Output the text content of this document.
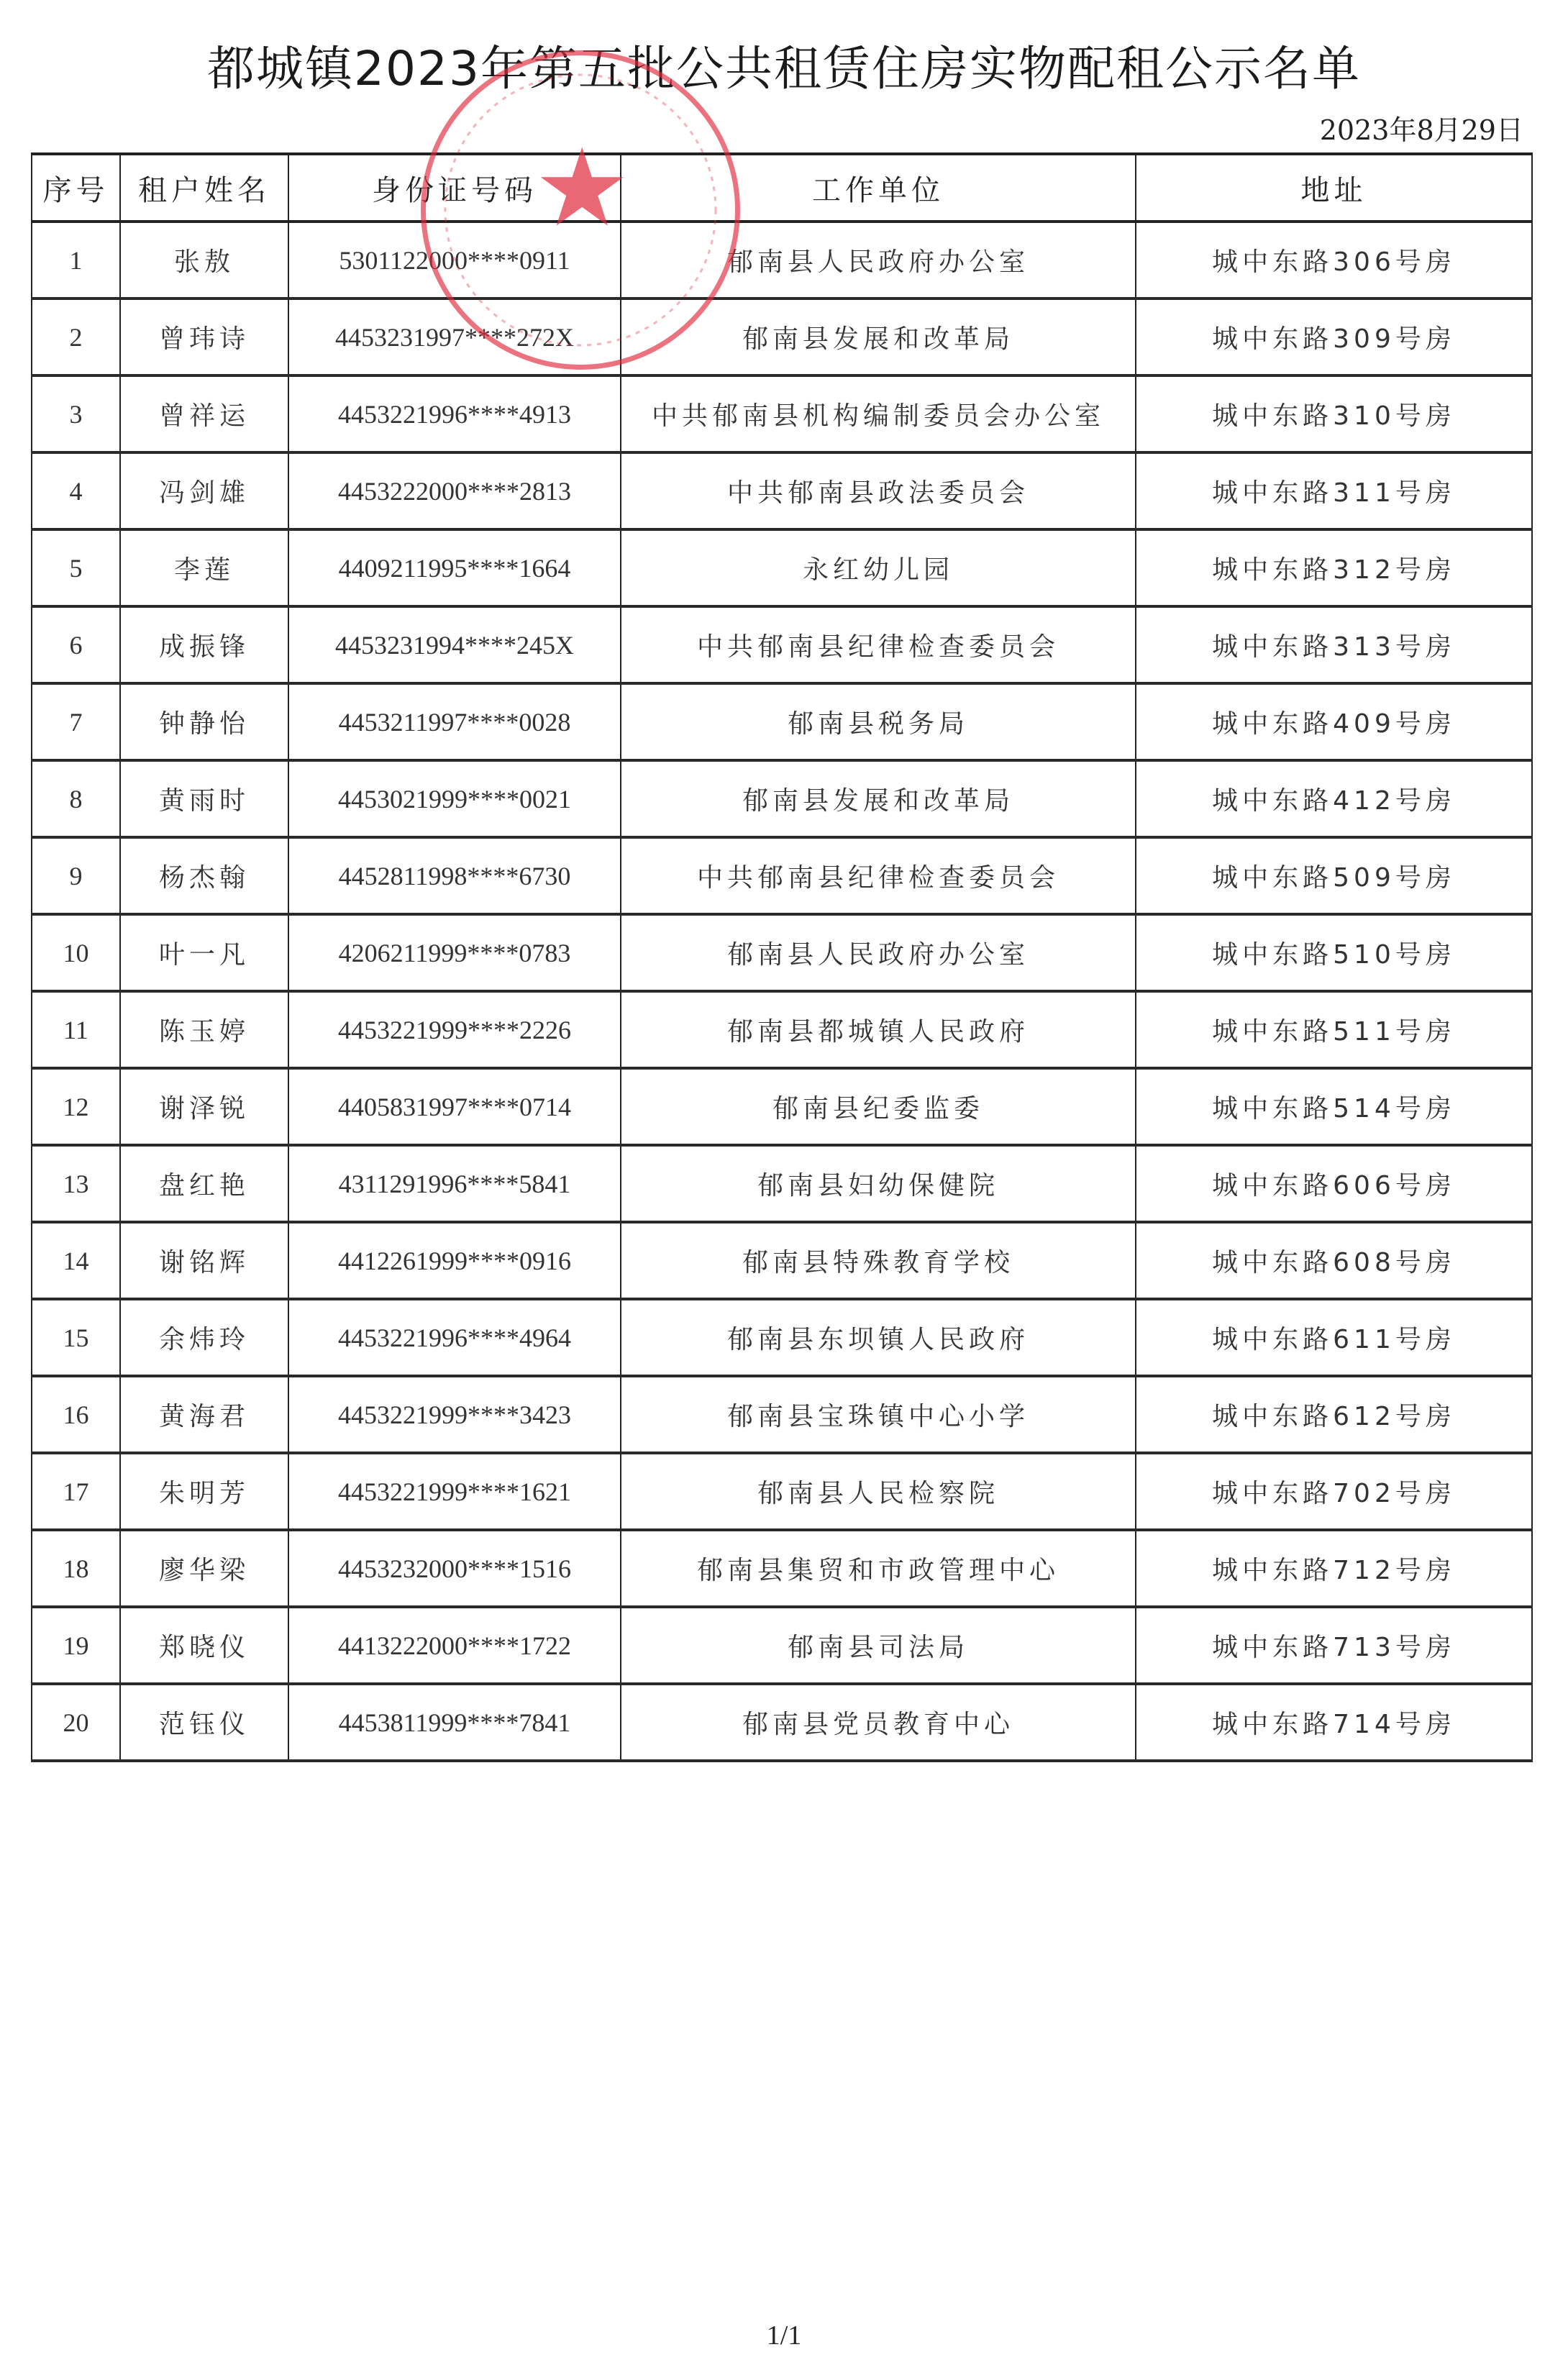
都城镇2023年第五批公共租赁住房实物配租公示名单
2023年8月29日
序号	租户姓名	身份证号码	工作单位	地址
1	张敖	5301122000****0911	郁南县人民政府办公室	城中东路306号房
2	曾玮诗	4453231997****272X	郁南县发展和改革局	城中东路309号房
3	曾祥运	4453221996****4913	中共郁南县机构编制委员会办公室	城中东路310号房
4	冯剑雄	4453222000****2813	中共郁南县政法委员会	城中东路311号房
5	李莲	4409211995****1664	永红幼儿园	城中东路312号房
6	成振锋	4453231994****245X	中共郁南县纪律检查委员会	城中东路313号房
7	钟静怡	4453211997****0028	郁南县税务局	城中东路409号房
8	黄雨时	4453021999****0021	郁南县发展和改革局	城中东路412号房
9	杨杰翰	4452811998****6730	中共郁南县纪律检查委员会	城中东路509号房
10	叶一凡	4206211999****0783	郁南县人民政府办公室	城中东路510号房
11	陈玉婷	4453221999****2226	郁南县都城镇人民政府	城中东路511号房
12	谢泽锐	4405831997****0714	郁南县纪委监委	城中东路514号房
13	盘红艳	4311291996****5841	郁南县妇幼保健院	城中东路606号房
14	谢铭辉	4412261999****0916	郁南县特殊教育学校	城中东路608号房
15	余炜玲	4453221996****4964	郁南县东坝镇人民政府	城中东路611号房
16	黄海君	4453221999****3423	郁南县宝珠镇中心小学	城中东路612号房
17	朱明芳	4453221999****1621	郁南县人民检察院	城中东路702号房
18	廖华梁	4453232000****1516	郁南县集贸和市政管理中心	城中东路712号房
19	郑晓仪	4413222000****1722	郁南县司法局	城中东路713号房
20	范钰仪	4453811999****7841	郁南县党员教育中心	城中东路714号房
★
1/1
